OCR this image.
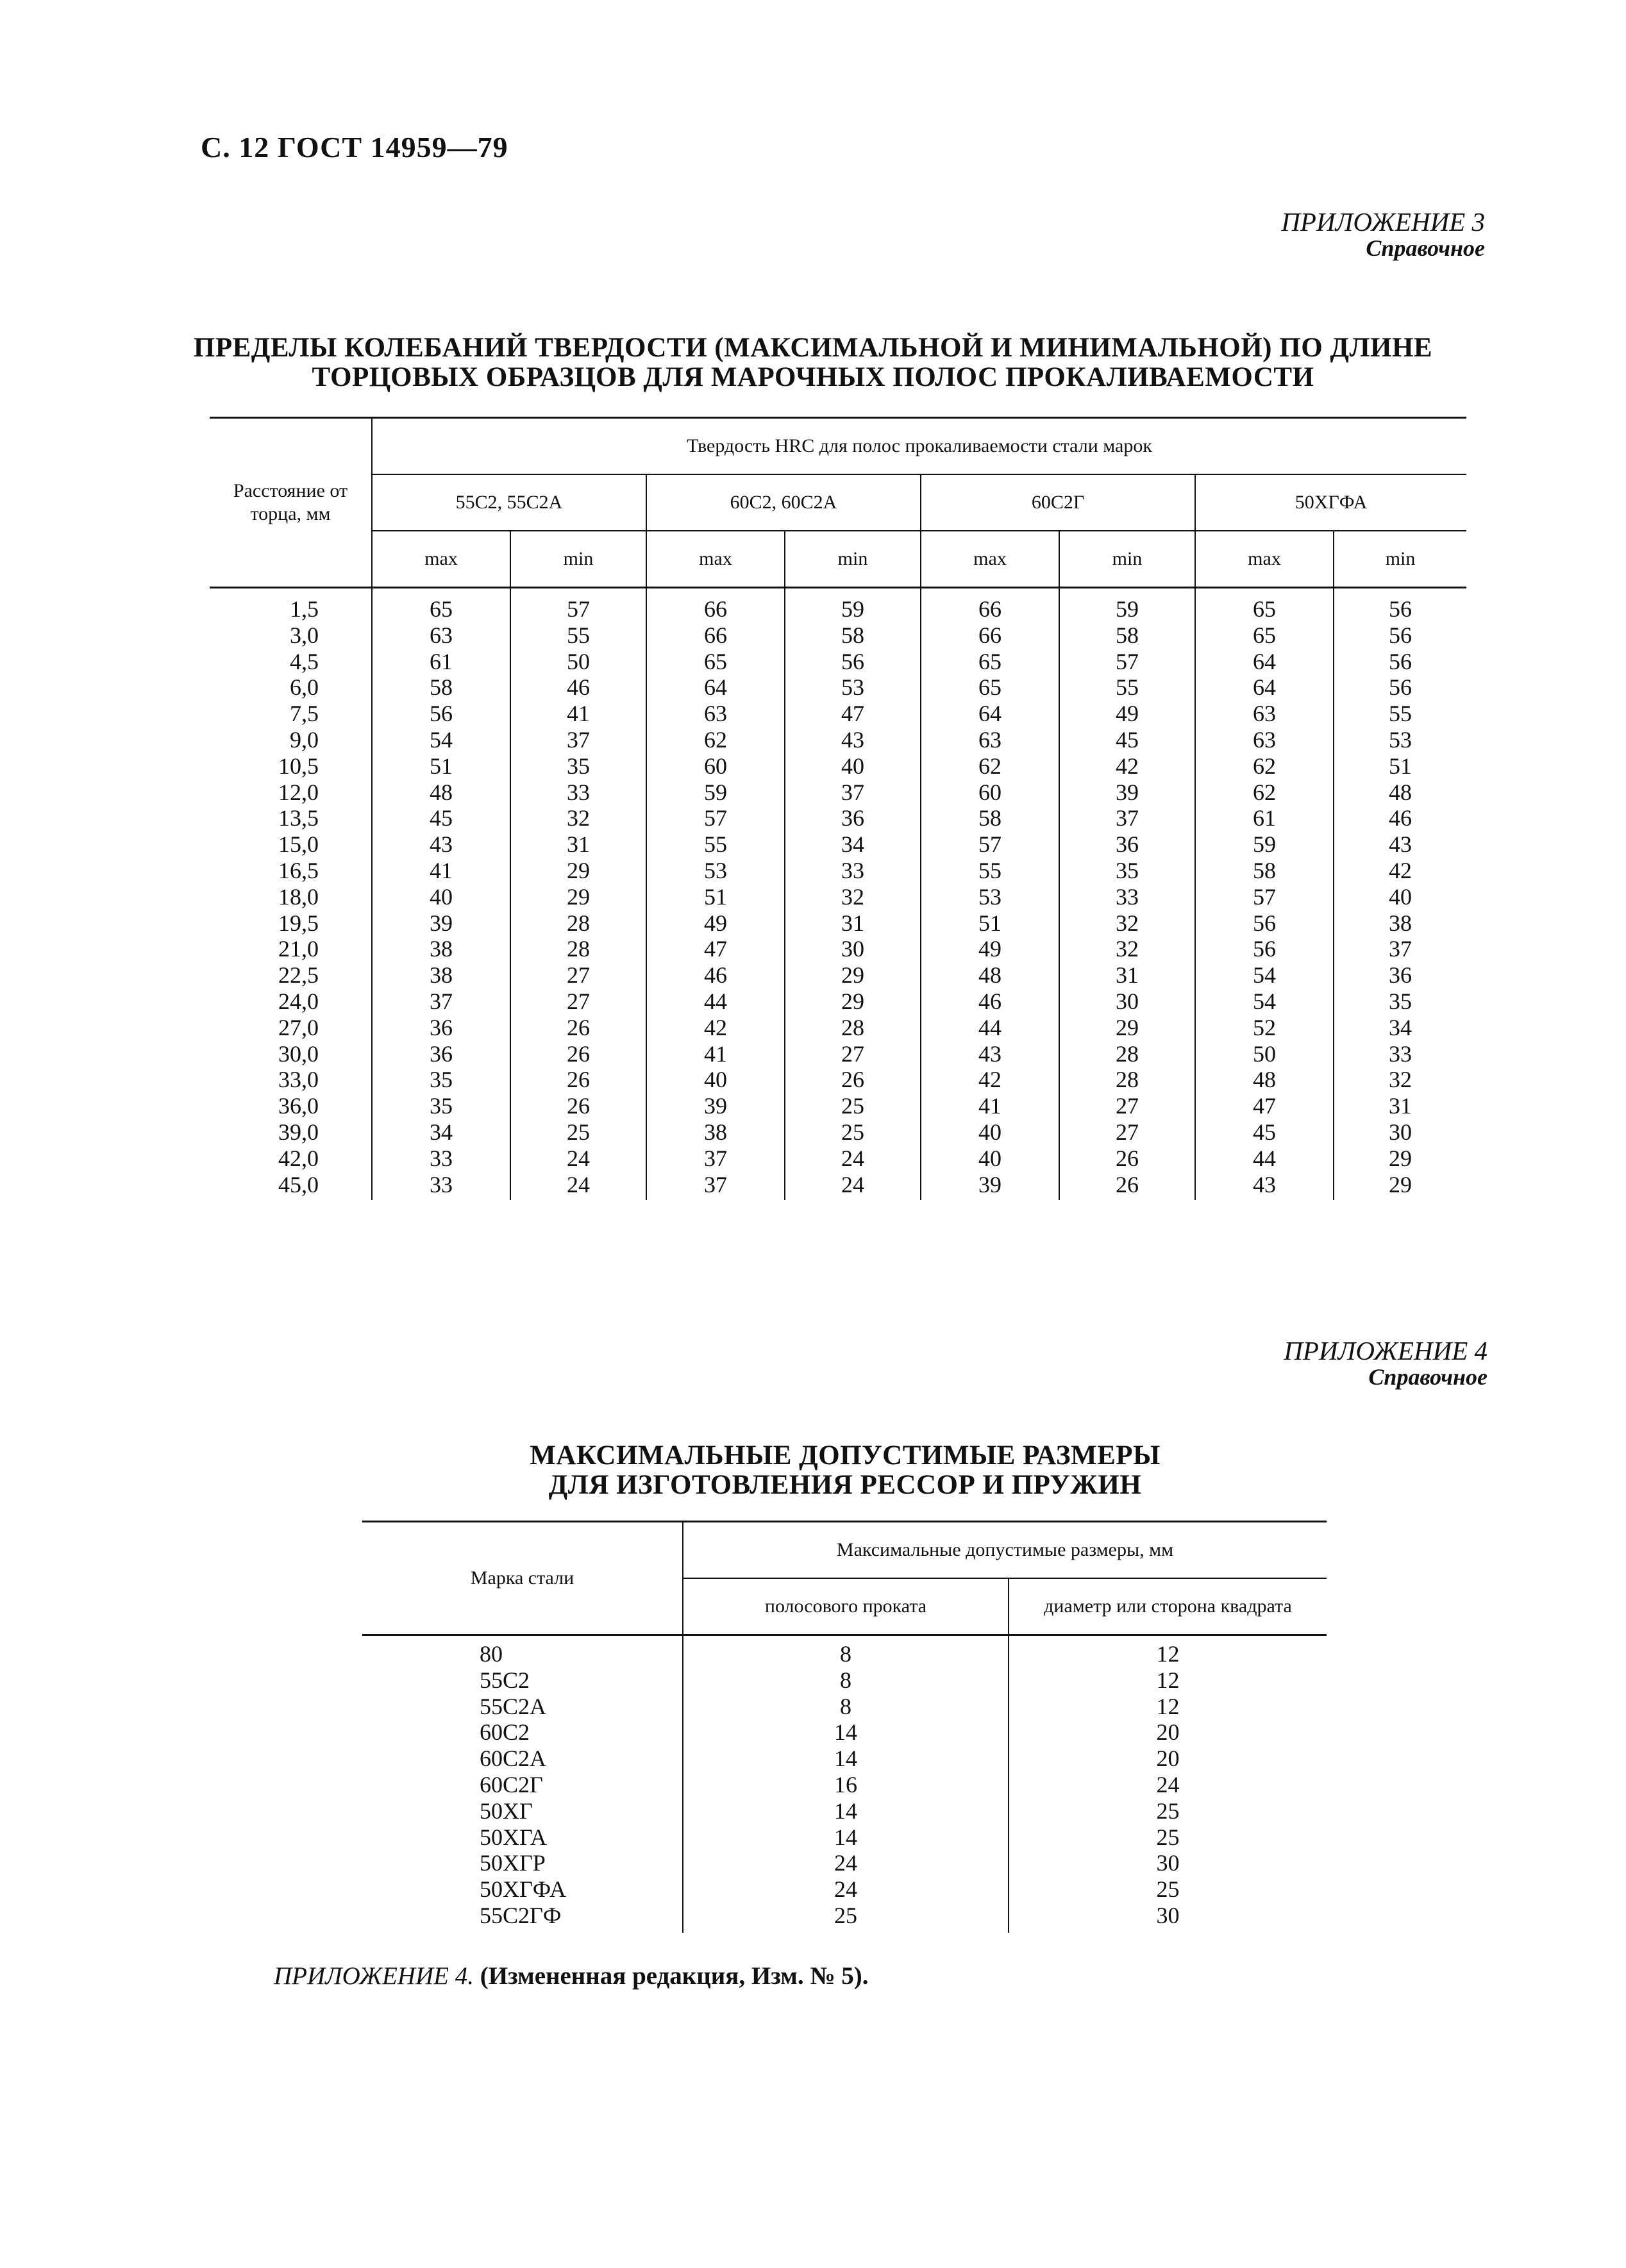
С. 12 ГОСТ 14959—79
ПРИЛОЖЕНИЕ 3
Справочное
ПРЕДЕЛЫ КОЛЕБАНИЙ ТВЕРДОСТИ (МАКСИМАЛЬНОЙ И МИНИМАЛЬНОЙ) ПО ДЛИНЕ
ТОРЦОВЫХ ОБРАЗЦОВ ДЛЯ МАРОЧНЫХ ПОЛОС ПРОКАЛИВАЕМОСТИ
Расстояние от торца, мм	Твердость HRC для полос прокаливаемости стали марок							
	55С2, 55С2А		60С2, 60С2А		60С2Г		50ХГФА	
	max	min	max	min	max	min	max	min
1,5	65	57	66	59	66	59	65	56
3,0	63	55	66	58	66	58	65	56
4,5	61	50	65	56	65	57	64	56
6,0	58	46	64	53	65	55	64	56
7,5	56	41	63	47	64	49	63	55
9,0	54	37	62	43	63	45	63	53
10,5	51	35	60	40	62	42	62	51
12,0	48	33	59	37	60	39	62	48
13,5	45	32	57	36	58	37	61	46
15,0	43	31	55	34	57	36	59	43
16,5	41	29	53	33	55	35	58	42
18,0	40	29	51	32	53	33	57	40
19,5	39	28	49	31	51	32	56	38
21,0	38	28	47	30	49	32	56	37
22,5	38	27	46	29	48	31	54	36
24,0	37	27	44	29	46	30	54	35
27,0	36	26	42	28	44	29	52	34
30,0	36	26	41	27	43	28	50	33
33,0	35	26	40	26	42	28	48	32
36,0	35	26	39	25	41	27	47	31
39,0	34	25	38	25	40	27	45	30
42,0	33	24	37	24	40	26	44	29
45,0	33	24	37	24	39	26	43	29
ПРИЛОЖЕНИЕ 4
Справочное
МАКСИМАЛЬНЫЕ ДОПУСТИМЫЕ РАЗМЕРЫ
ДЛЯ ИЗГОТОВЛЕНИЯ РЕССОР И ПРУЖИН
Марка стали	Максимальные допустимые размеры, мм	
	полосового проката	диаметр или сторона квадрата
80	8	12
55С2	8	12
55С2А	8	12
60С2	14	20
60С2А	14	20
60С2Г	16	24
50ХГ	14	25
50ХГА	14	25
50ХГР	24	30
50ХГФА	24	25
55С2ГФ	25	30
ПРИЛОЖЕНИЕ 4. (Измененная редакция, Изм. № 5).
